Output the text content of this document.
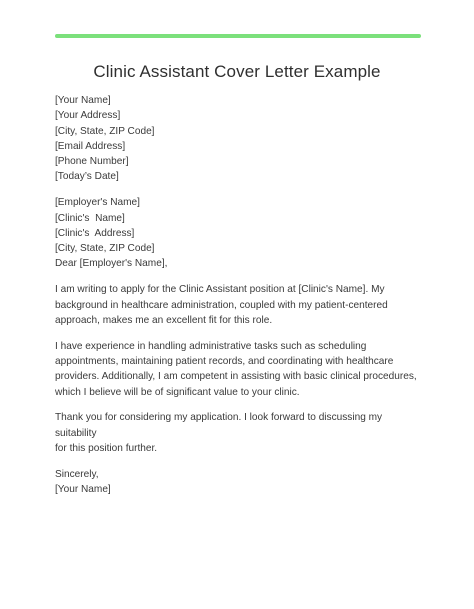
Clinic Assistant Cover Letter Example
[Your Name]
[Your Address]
[City, State, ZIP Code]
[Email Address]
[Phone Number]
[Today’s Date]
[Employer's Name]
[Clinic's  Name]
[Clinic's  Address]
[City, State, ZIP Code]
Dear [Employer's Name],

I am writing to apply for the Clinic Assistant position at [Clinic's Name]. My
background in healthcare administration, coupled with my patient-centered
approach, makes me an excellent fit for this role.

I have experience in handling administrative tasks such as scheduling
appointments, maintaining patient records, and coordinating with healthcare
providers. Additionally, I am competent in assisting with basic clinical procedures,
which I believe will be of significant value to your clinic.

Thank you for considering my application. I look forward to discussing my suitability
for this position further.

Sincerely,
[Your Name]
